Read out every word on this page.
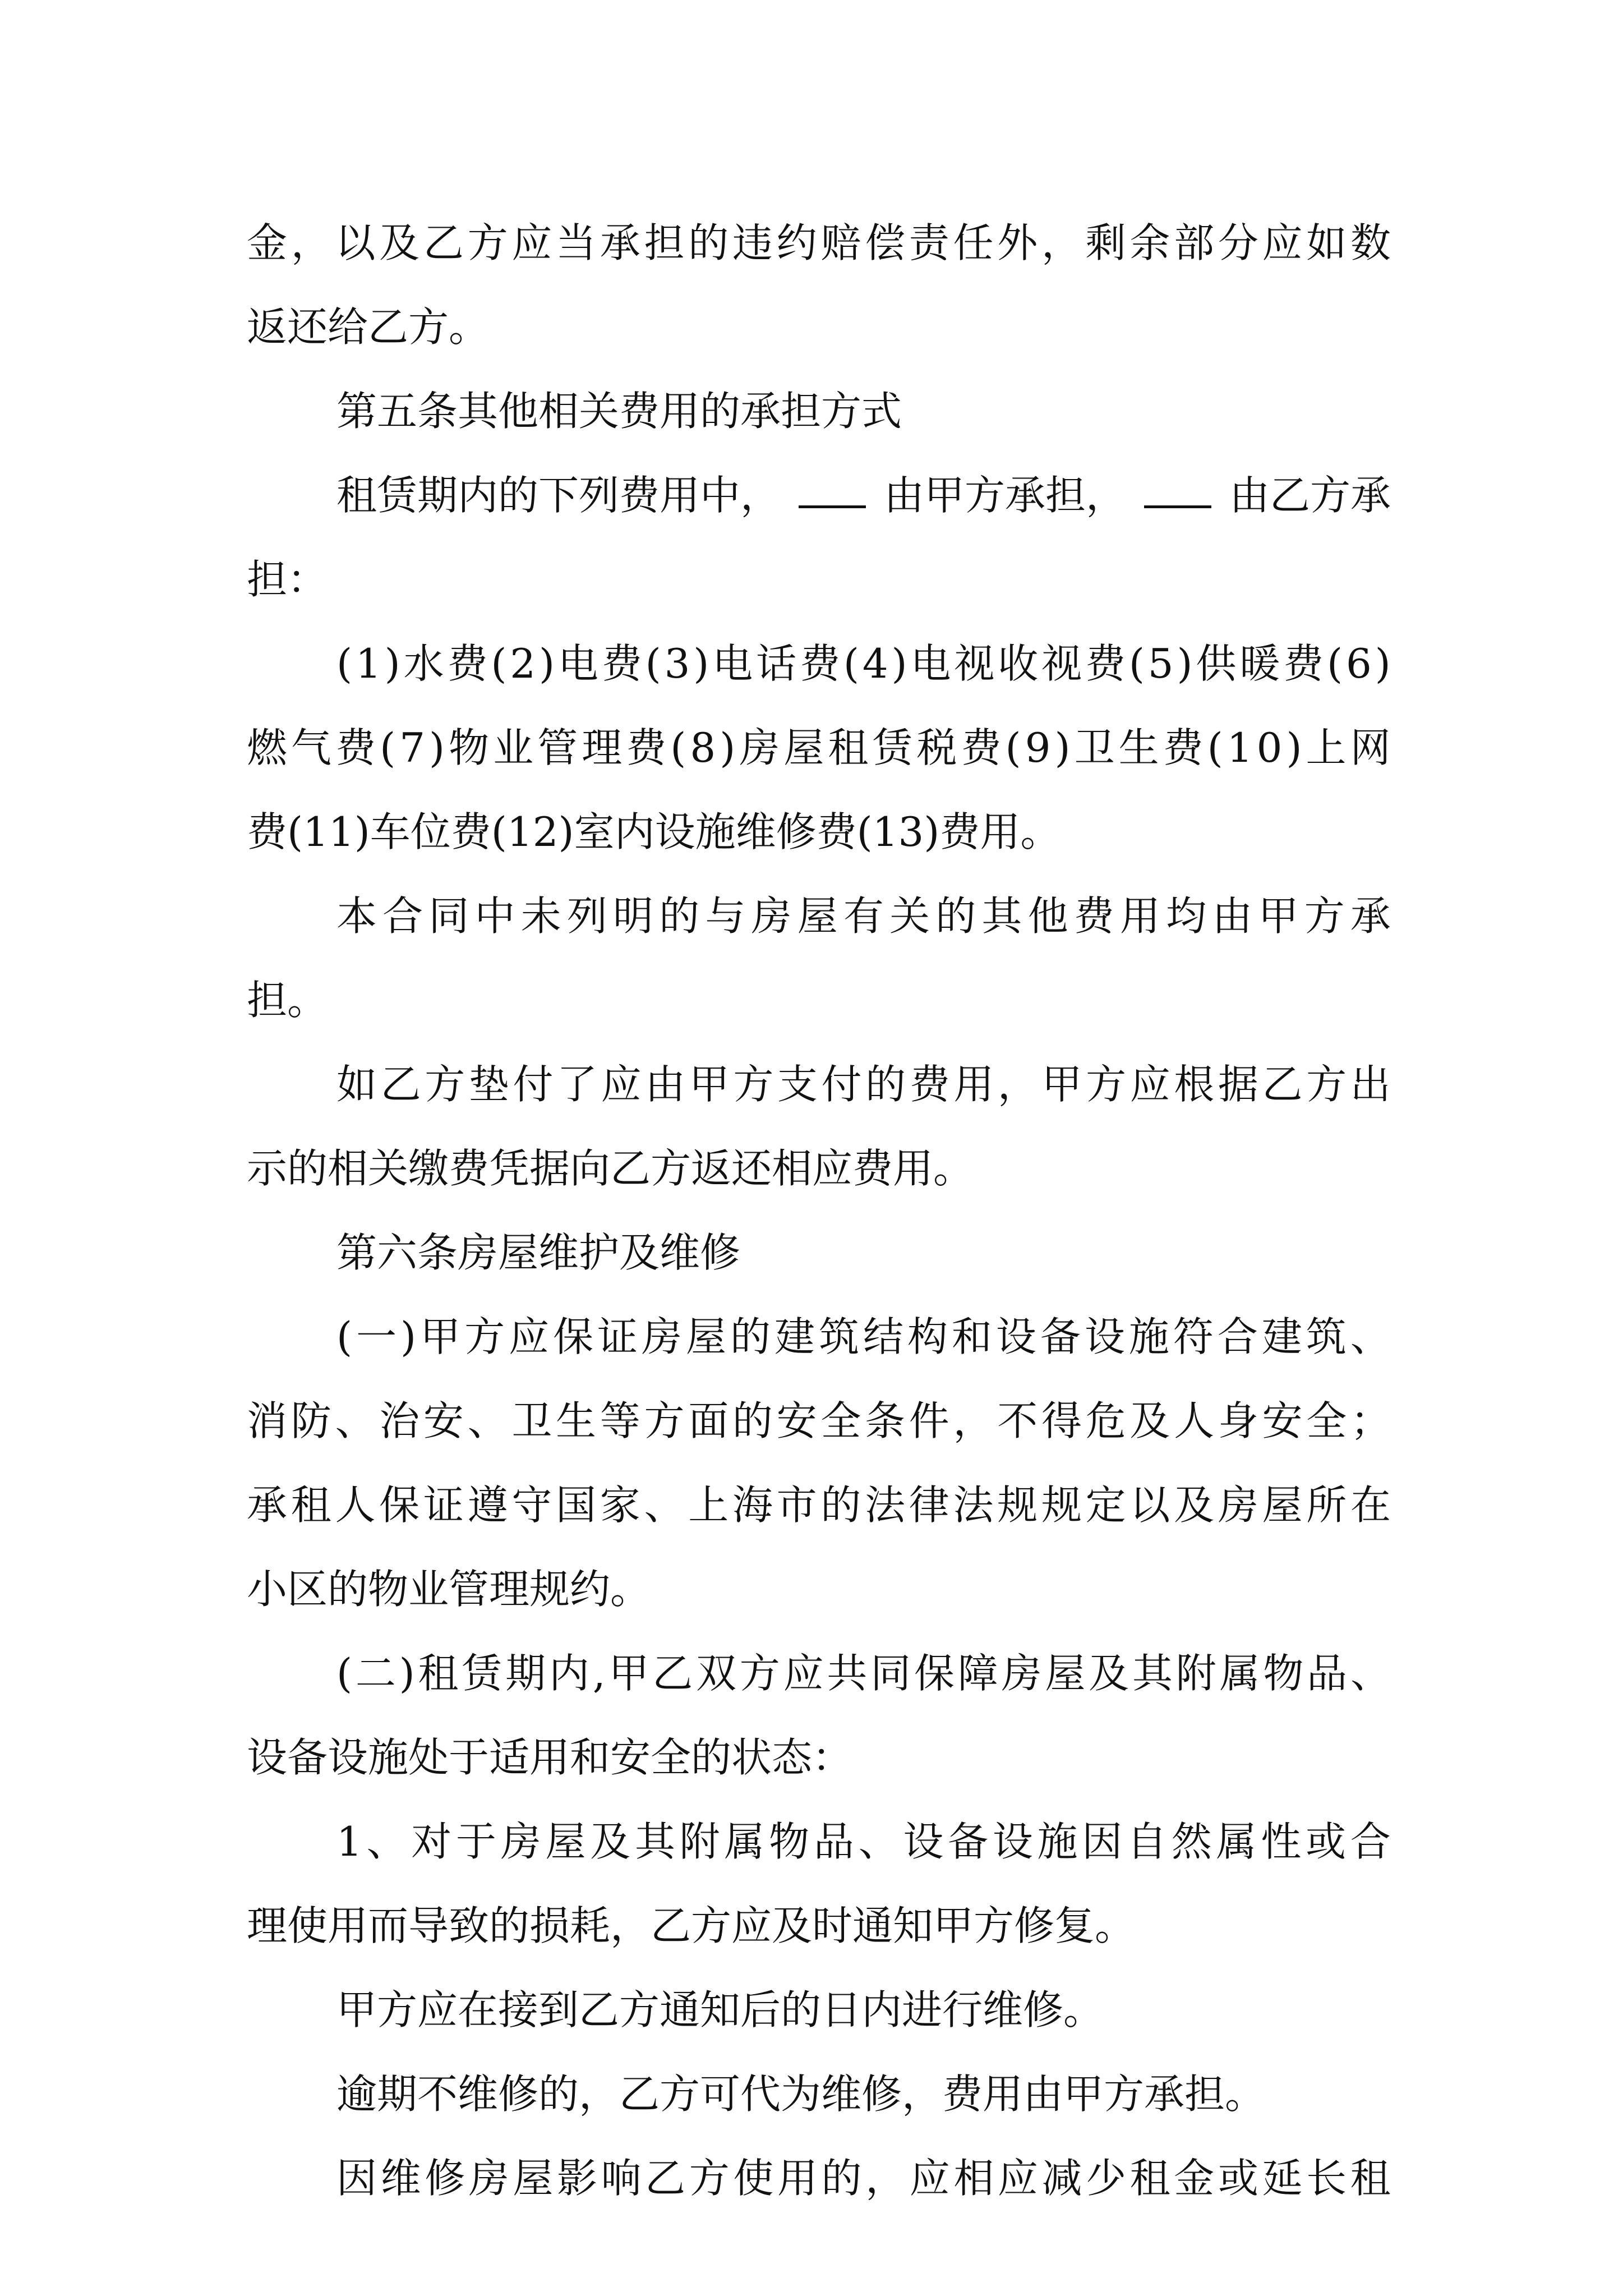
金 ， 以 及 乙 方 应 当 承 担 的 违 约 赔 偿 责 任 外 ， 剩 余 部 分 应 如 数
返还给乙方。
第五条其他相关费用的承担方式
租赁期内的下列费用中，	由甲方承担，	由乙方承
担：
( 1 ) 水 费 ( 2 ) 电 费 ( 3 ) 电 话 费 ( 4 ) 电 视 收 视 费 ( 5 ) 供 暖 费 ( 6 )
燃 气 费 ( 7 ) 物 业 管 理 费 ( 8 ) 房 屋 租 赁 税 费 ( 9 ) 卫 生 费 ( 1 0 ) 上 网
费(11)车位费(12)室内设施维修费(13)费用。
本 合 同 中 未 列 明 的 与 房 屋 有 关 的 其 他 费 用 均 由 甲 方 承
担。
如 乙 方 垫 付 了 应 由 甲 方 支 付 的 费 用 ， 甲 方 应 根 据 乙 方 出
示的相关缴费凭据向乙方返还相应费用。
第六条房屋维护及维修
( 一 ) 甲 方 应 保 证 房 屋 的 建 筑 结 构 和 设 备 设 施 符 合 建 筑 、
消 防 、 治 安 、 卫 生 等 方 面 的 安 全 条 件 ， 不 得 危 及 人 身 安 全 ；
承 租 人 保 证 遵 守 国 家 、 上 海 市 的 法 律 法 规 规 定 以 及 房 屋 所 在
小区的物业管理规约。
( 二 ) 租 赁 期 内 , 甲 乙 双 方 应 共 同 保 障 房 屋 及 其 附 属 物 品 、
设备设施处于适用和安全的状态：
1 、 对 于 房 屋 及 其 附 属 物 品 、 设 备 设 施 因 自 然 属 性 或 合
理使用而导致的损耗，乙方应及时通知甲方修复。
甲方应在接到乙方通知后的日内进行维修。
逾期不维修的，乙方可代为维修，费用由甲方承担。
因 维 修 房 屋 影 响 乙 方 使 用 的 ， 应 相 应 减 少 租 金 或 延 长 租
